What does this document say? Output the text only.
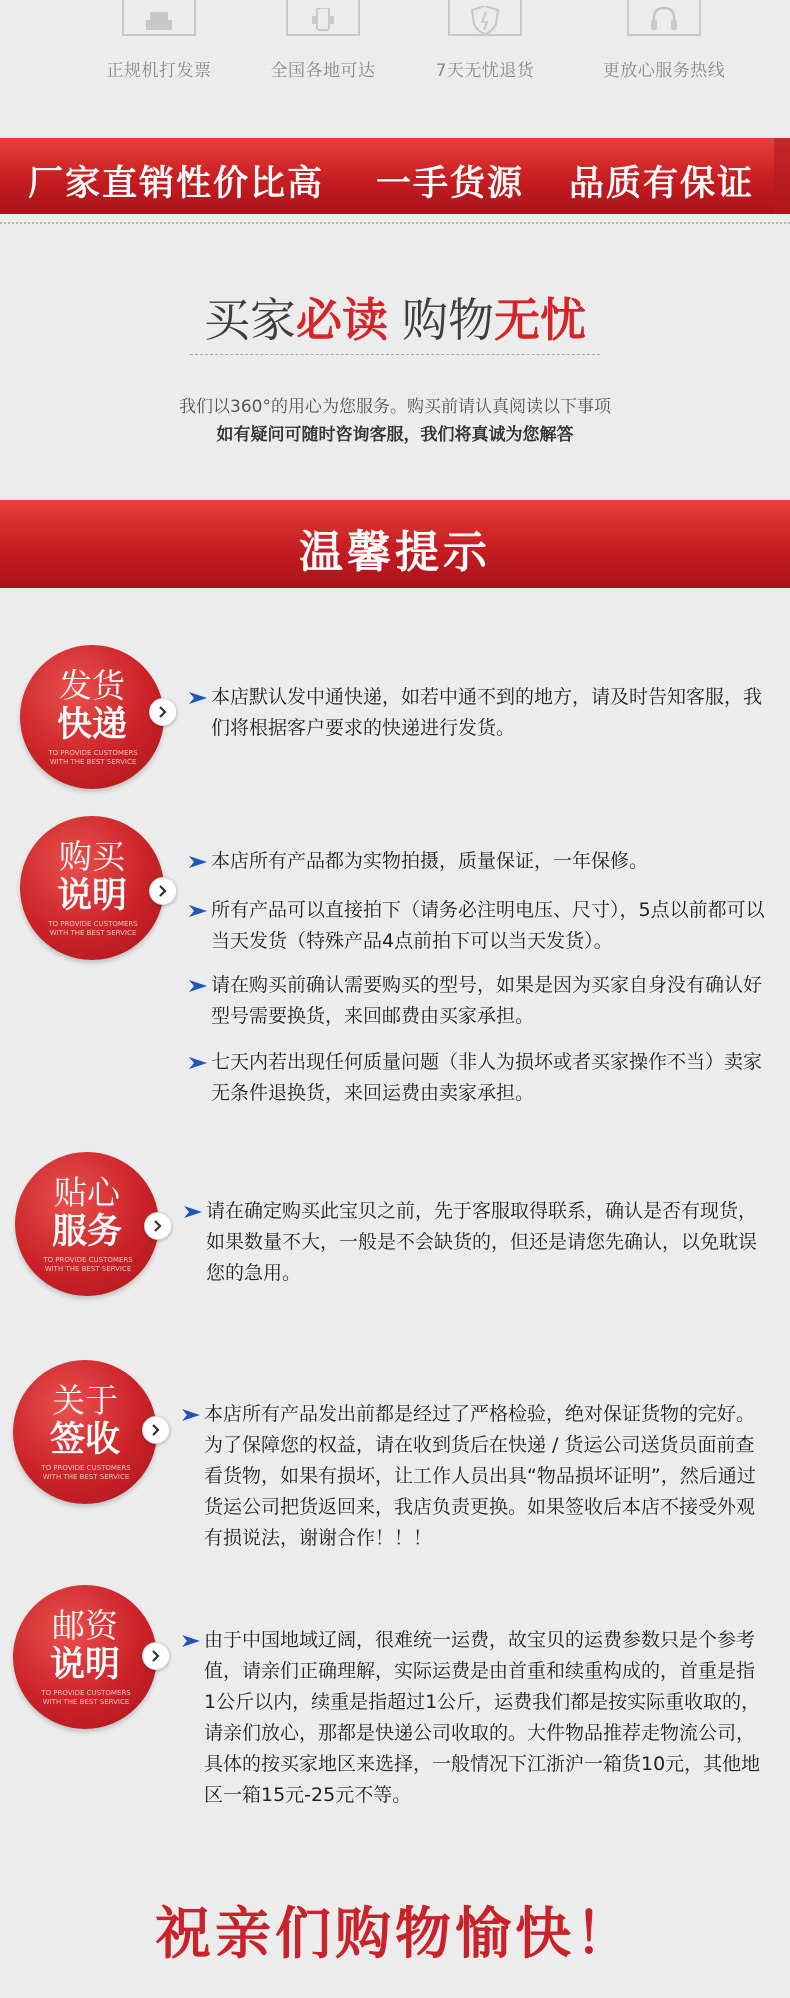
正规机打发票	全国各地可达	7天无忧退货	更放心服务热线
厂家直销性价比高 一手货源 品质有保证
买家必读 购物无忧
我们以360°的用心为您服务。购买前请认真阅读以下事项
如有疑问可随时咨询客服，我们将真诚为您解答
温馨提示
发货
快递
TO PROVIDE CUSTOMERS WITH THE BEST SERVICE
本店默认发中通快递，如若中通不到的地方，请及时告知客服，我们将根据客户要求的快递进行发货。
购买
说明
TO PROVIDE CUSTOMERS WITH THE BEST SERVICE
本店所有产品都为实物拍摄，质量保证，一年保修。
所有产品可以直接拍下（请务必注明电压、尺寸），5点以前都可以当天发货（特殊产品4点前拍下可以当天发货）。
请在购买前确认需要购买的型号，如果是因为买家自身没有确认好型号需要换货，来回邮费由买家承担。
七天内若出现任何质量问题（非人为损坏或者买家操作不当）卖家无条件退换货，来回运费由卖家承担。
贴心
服务
TO PROVIDE CUSTOMERS WITH THE BEST SERVICE
请在确定购买此宝贝之前，先于客服取得联系，确认是否有现货，如果数量不大，一般是不会缺货的，但还是请您先确认，以免耽误您的急用。
关于
签收
TO PROVIDE CUSTOMERS WITH THE BEST SERVICE
本店所有产品发出前都是经过了严格检验，绝对保证货物的完好。为了保障您的权益，请在收到货后在快递 / 货运公司送货员面前查看货物，如果有损坏，让工作人员出具“物品损坏证明”，然后通过货运公司把货返回来，我店负责更换。如果签收后本店不接受外观有损说法，谢谢合作！！！
邮资
说明
TO PROVIDE CUSTOMERS WITH THE BEST SERVICE
由于中国地域辽阔，很难统一运费，故宝贝的运费参数只是个参考值，请亲们正确理解，实际运费是由首重和续重构成的，首重是指1公斤以内，续重是指超过1公斤，运费我们都是按实际重收取的，请亲们放心，那都是快递公司收取的。大件物品推荐走物流公司，具体的按买家地区来选择，一般情况下江浙沪一箱货10元，其他地区一箱15元-25元不等。
祝亲们购物愉快！
